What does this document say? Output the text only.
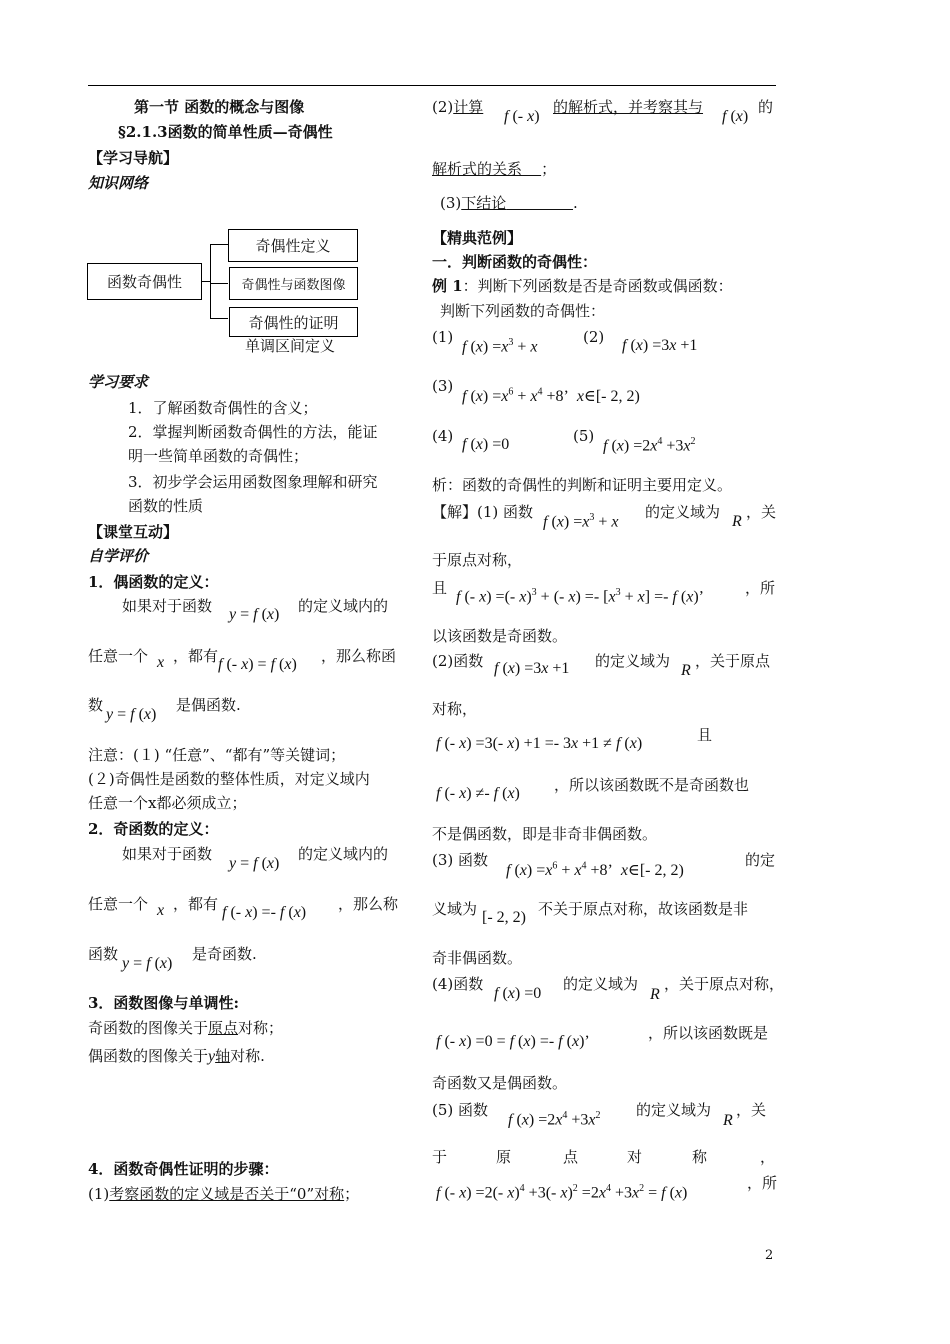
第一节 函数的概念与图像
§2.1.3函数的简单性质—奇偶性
【学习导航】
知识网络
函数奇偶性
奇偶性定义
奇偶性与函数图像
奇偶性的证明
单调区间定义
学习要求
1．了解函数奇偶性的含义；
2．掌握判断函数奇偶性的方法，能证
明一些简单函数的奇偶性；
3．初步学会运用函数图象理解和研究
函数的性质
【课堂互动】
自学评价
1．偶函数的定义：
如果对于函数 y = f (x) 的定义域内的
任意一个 x ，都有 f (- x) = f (x) ，那么称函
数
y = f (x)
是偶函数.
注意：(１) “任意”、“都有”等关键词；
(２)奇偶性是函数的整体性质，对定义域内
任意一个x都必须成立；
2．奇函数的定义：
如果对于函数
y = f (x)
的定义域内的
任意一个 x ，都有 f (- x) =- f (x) ，那么称
函数
y = f (x)
是奇函数.
3．函数图像与单调性:
奇函数的图像关于原点对称；
偶函数的图像关于y轴对称.
4．函数奇偶性证明的步骤：
(1)考察函数的定义域是否关于“0”对称；
(2)计算
f (- x)
的解析式，并考察其与
f (x)
的
解析式的关系 ；
(3)下结论	.
【精典范例】
一．判断函数的奇偶性：
例 1：判断下列函数是否是奇函数或偶函数：
判断下列函数的奇偶性：
(1)
f $(x) =x^3 + x$
(2) f (x) =3x +1
(3)
f $(x) =x^6 + x^4 +8$’  x∈[- 2, 2)
(4) f (x) =0	(5)
f $(x) =2x^4 +3x^2$
析：函数的奇偶性的判断和证明主要用定义。
【解】(1) 函数
f $(x) =x^3 + x$
的定义域为
R
，关
于原点对称，
且 f (- x) =(- x)$^3$ + (- $x) =- [x^3 + x] =- f$ (x)’	，所
以该函数是奇函数。
(2)函数 f (x) =3x +1 的定义域为
R
，关于原点
对称，
f (- x) =3(- x) +1 =- 3x +1 ≠ f (x)	且
f (- x) ≠- f (x) ，所以该函数既不是奇函数也
不是偶函数，即是非奇非偶函数。
(3) 函数
f $(x) =x^6 + x^4 +8$’  x∈[- 2, 2)
的定
义域为 [- 2, 2) 不关于原点对称，故该函数是非
奇非偶函数。
(4)函数
f (x) =0
的定义域为
R
，关于原点对称，
f (- x) =0 = f (x) =- f (x)’	，所以该函数既是
奇函数又是偶函数。
(5) 函数
f $(x) =2x^4 +3x^2$ 的定义域为
R
，关
于	原	点	对	称	，
f (- x) =2(- x)$^4$ +3(- $x)^2 =2x^4 +3x^2 = f$ (x)
，所
2
